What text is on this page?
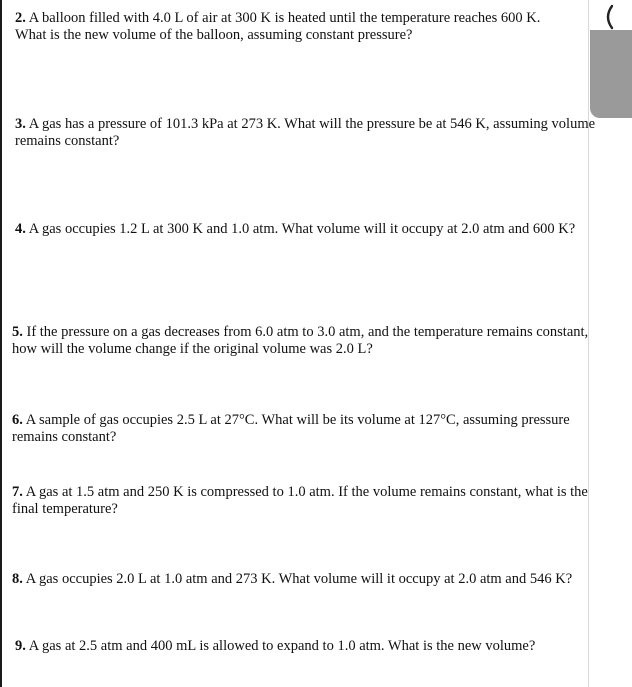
2. A balloon filled with 4.0 L of air at 300 K is heated until the temperature reaches 600 K. What is the new volume of the balloon, assuming constant pressure?

3. A gas has a pressure of 101.3 kPa at 273 K. What will the pressure be at 546 K, assuming volume remains constant?

4. A gas occupies 1.2 L at 300 K and 1.0 atm. What volume will it occupy at 2.0 atm and 600 K?

5. If the pressure on a gas decreases from 6.0 atm to 3.0 atm, and the temperature remains constant, how will the volume change if the original volume was 2.0 L?

6. A sample of gas occupies 2.5 L at 27°C. What will be its volume at 127°C, assuming pressure remains constant?

7. A gas at 1.5 atm and 250 K is compressed to 1.0 atm. If the volume remains constant, what is the final temperature?

8. A gas occupies 2.0 L at 1.0 atm and 273 K. What volume will it occupy at 2.0 atm and 546 K?

9. A gas at 2.5 atm and 400 mL is allowed to expand to 1.0 atm. What is the new volume?
